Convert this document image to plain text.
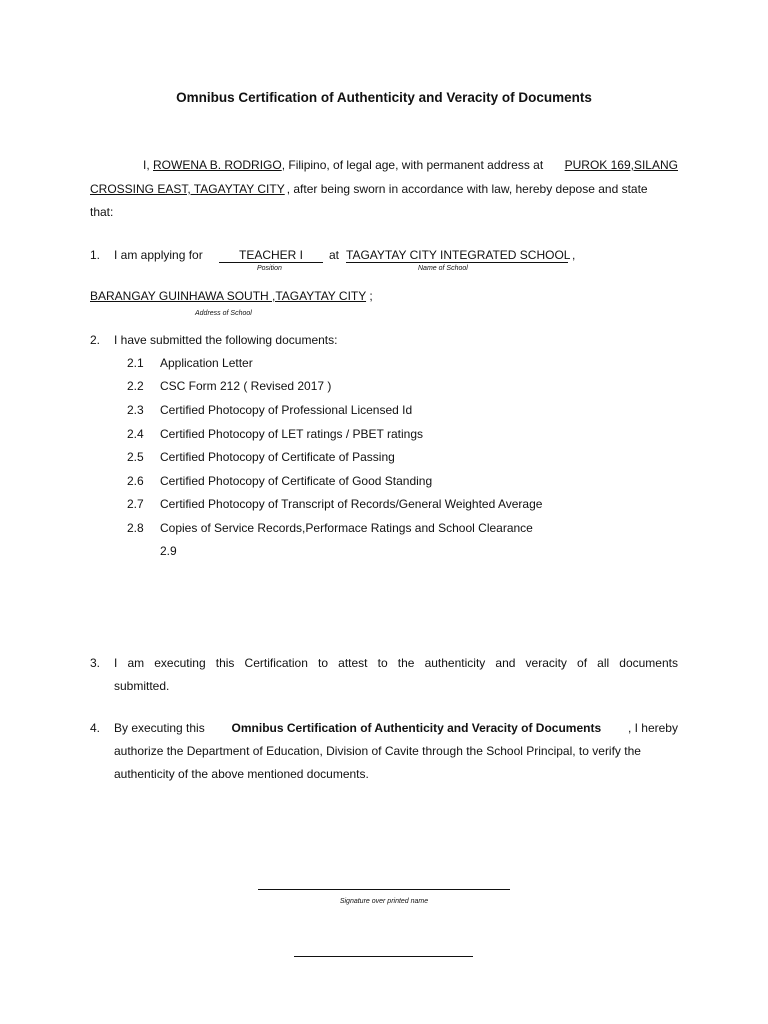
Omnibus Certification of Authenticity and Veracity of Documents
I, ROWENA B. RODRIGO, Filipino, of legal age, with permanent address at PUROK 169,SILANG
CROSSING EAST, TAGAYTAY CITY , after being sworn in accordance with law, hereby depose and state
that:
1. I am applying for	TEACHER I	at TAGAYTAY CITY INTEGRATED SCHOOL ,
Position	Name of School
BARANGAY GUINHAWA SOUTH ,TAGAYTAY CITY ;
Address of School
2. I have submitted the following documents:
2.1 Application Letter
2.2 CSC Form 212 ( Revised 2017 )
2.3 Certified Photocopy of Professional Licensed Id
2.4 Certified Photocopy of LET ratings / PBET ratings
2.5 Certified Photocopy of Certificate of Passing
2.6 Certified Photocopy of Certificate of Good Standing
2.7 Certified Photocopy of Transcript of Records/General Weighted Average
2.8 Copies of Service Records,Performace Ratings and School Clearance
2.9
3. I am executing this Certification to attest to the authenticity and veracity of all documents
submitted.
4. By executing this Omnibus Certification of Authenticity and Veracity of Documents , I hereby
authorize the Department of Education, Division of Cavite through the School Principal, to verify the
authenticity of the above mentioned documents.
Signature over printed name
